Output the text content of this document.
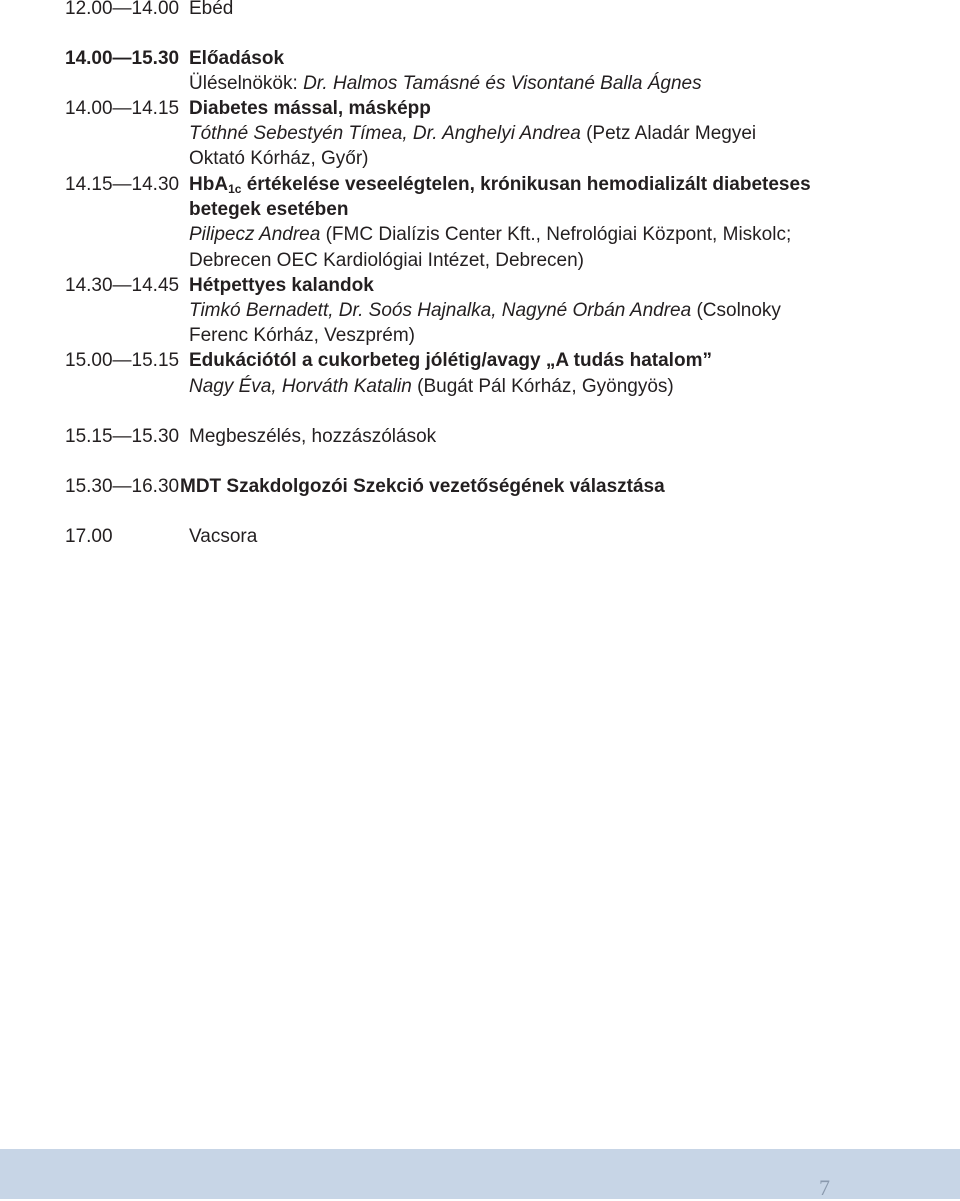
12.00—14.00 Ebéd
14.00—15.30 Előadások
Üléselnökök: Dr. Halmos Tamásné és Visontané Balla Ágnes
14.00—14.15 Diabetes mással, másképp
Tóthné Sebestyén Tímea, Dr. Anghelyi Andrea (Petz Aladár Megyei
Oktató Kórház, Győr)
14.15—14.30 HbA$_{1c}$ értékelése veseelégtelen, krónikusan hemodializált diabeteses
betegek esetében
Pilipecz Andrea (FMC Dialízis Center Kft., Nefrológiai Központ, Miskolc;
Debrecen OEC Kardiológiai Intézet, Debrecen)
14.30—14.45 Hétpettyes kalandok
Timkó Bernadett, Dr. Soós Hajnalka, Nagyné Orbán Andrea (Csolnoky
Ferenc Kórház, Veszprém)
15.00—15.15 Edukációtól a cukorbeteg jólétig/avagy „A tudás hatalom”
Nagy Éva, Horváth Katalin (Bugát Pál Kórház, Gyöngyös)
15.15—15.30 Megbeszélés, hozzászólások
15.30—16.30 MDT Szakdolgozói Szekció vezetőségének választása
17.00	Vacsora
7
